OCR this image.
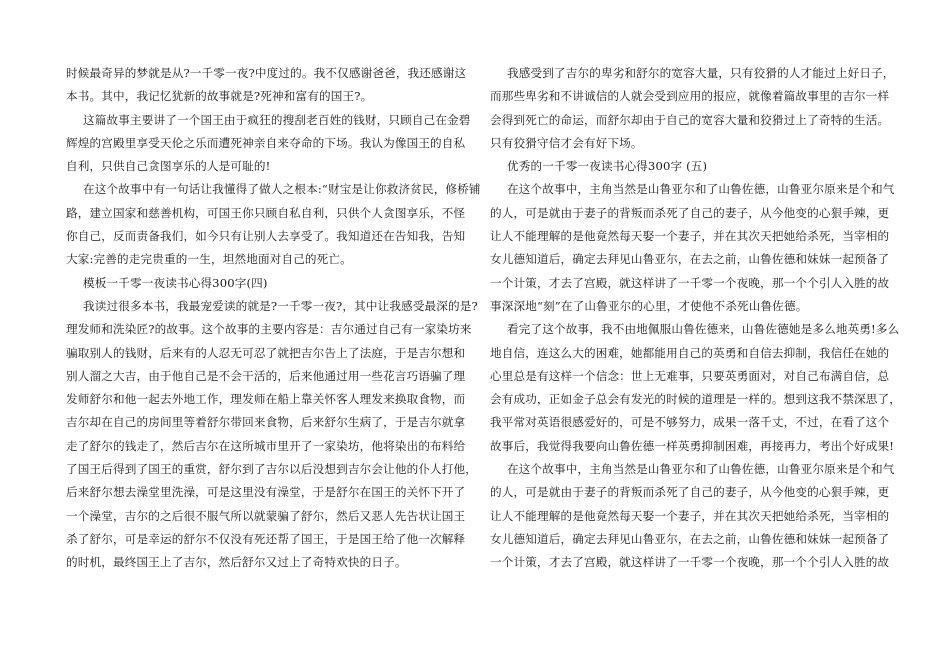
时候最奇异的梦就是从?一千零一夜?中度过的。我不仅感谢爸爸，我还感谢这
本书。其中，我记忆犹新的故事就是?死神和富有的国王?。
这篇故事主要讲了一个国王由于疯狂的搜刮老百姓的钱财，只顾自己在金碧
辉煌的宫殿里享受天伦之乐而遭死神亲自来夺命的下场。我认为像国王的自私
自利，只供自己贪图享乐的人是可耻的!
在这个故事中有一句话让我懂得了做人之根本:“财宝是让你救济贫民，修桥铺
路，建立国家和慈善机构，可国王你只顾自私自利，只供个人贪图享乐，不怪
你自己，反而责备我们，如今只有让别人去享受了。我知道还在告知我，告知
大家:完善的走完贵重的一生，坦然地面对自己的死亡。
模板一千零一夜读书心得300字(四)
我读过很多本书，我最宠爱读的就是?一千零一夜?，其中让我感受最深的是?
理发师和洗染匠?的故事。这个故事的主要内容是：吉尔通过自己有一家染坊来
骗取别人的钱财，后来有的人忍无可忍了就把吉尔告上了法庭，于是吉尔想和
别人溜之大吉，由于他自己是不会干活的，后来他通过用一些花言巧语骗了理
发师舒尔和他一起去外地工作，理发师在船上靠关怀客人理发来换取食物，而
吉尔却在自己的房间里等着舒尔带回来食物，后来舒尔生病了，于是吉尔就拿
走了舒尔的钱走了，然后吉尔在这所城市里开了一家染坊，他将染出的布料给
了国王后得到了国王的重赏，舒尔到了吉尔以后没想到吉尔会让他的仆人打他，
后来舒尔想去澡堂里洗澡，可是这里没有澡堂，于是舒尔在国王的关怀下开了
一个澡堂，吉尔的之后很不服气所以就蒙骗了舒尔，然后又恶人先告状让国王
杀了舒尔，可是幸运的舒尔不仅没有死还帮了国王，于是国王给了他一次解释
的时机，最终国王上了吉尔，然后舒尔又过上了奇特欢快的日子。
我感受到了吉尔的卑劣和舒尔的宽容大量，只有狡猾的人才能过上好日子，
而那些卑劣和不讲诚信的人就会受到应用的报应，就像着篇故事里的吉尔一样
会得到死亡的命运，而舒尔却由于自己的宽容大量和狡猾过上了奇特的生活。
只有狡猾守信才会有好下场。
优秀的一千零一夜读书心得300字 (五)
在这个故事中，主角当然是山鲁亚尔和了山鲁佐德，山鲁亚尔原来是个和气
的人，可是就由于妻子的背叛而杀死了自己的妻子，从今他变的心狠手辣，更
让人不能理解的是他竟然每天娶一个妻子，并在其次天把她给杀死，当宰相的
女儿德知道后，确定去拜见山鲁亚尔，在去之前，山鲁佐德和妹妹一起预备了
一个计策，才去了宫殿，就这样讲了一千零一个夜晚，那一个个引人入胜的故
事深深地“刻”在了山鲁亚尔的心里，才使他不杀死山鲁佐德。
看完了这个故事，我不由地佩服山鲁佐德来，山鲁佐德她是多么地英勇!多么
地自信，连这么大的困难，她都能用自己的英勇和自信去抑制，我信任在她的
心里总是有这样一个信念：世上无难事，只要英勇面对，对自己布满自信，总
会有成功，正如金子总会有发光的时候的道理是一样的。想到这我不禁深思了，
我平常对英语很感爱好的，可是不够努力，成果一落千丈，不过，在看了这个
故事后，我觉得我要向山鲁佐德一样英勇抑制困难，再接再力，考出个好成果!
在这个故事中，主角当然是山鲁亚尔和了山鲁佐德，山鲁亚尔原来是个和气
的人，可是就由于妻子的背叛而杀死了自己的妻子，从今他变的心狠手辣，更
让人不能理解的是他竟然每天娶一个妻子，并在其次天把她给杀死，当宰相的
女儿德知道后，确定去拜见山鲁亚尔，在去之前，山鲁佐德和妹妹一起预备了
一个计策，才去了宫殿，就这样讲了一千零一个夜晚，那一个个引人入胜的故
